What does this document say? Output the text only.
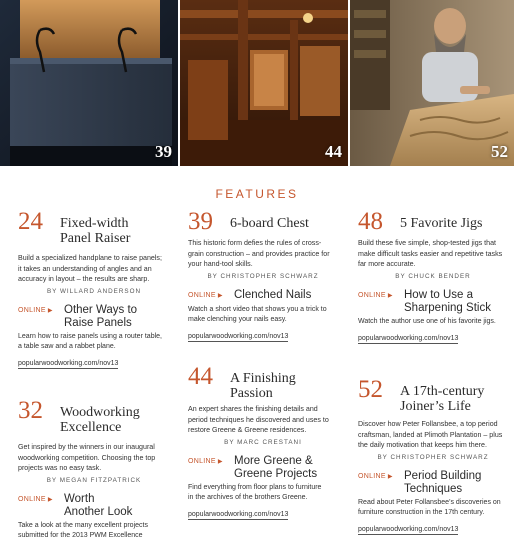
39	44	52
FEATURES
24 Fixed-width
Panel Raiser
Build a specialized handplane to raise panels;
it takes an understanding of angles and an
accuracy in layout – the results are sharp.
BY WILLARD ANDERSON
ONLINE ▶ Other Ways to
Raise Panels
Learn how to raise panels using a router table,
a table saw and a rabbet plane.
popularwoodworking.com/nov13
32 Woodworking
Excellence
Get inspired by the winners in our inaugural
woodworking competition. Choosing the top
projects was no easy task.
BY MEGAN FITZPATRICK
ONLINE ▶ Worth
Another Look
Take a look at the many excellent projects
submitted for the 2013 PWM Excellence
39 6-board Chest
This historic form defies the rules of cross-
grain construction – and provides practice for
your hand-tool skills.
BY CHRISTOPHER SCHWARZ
ONLINE ▶ Clenched Nails
Watch a short video that shows you a trick to
make clenching your nails easy.
popularwoodworking.com/nov13
44 A Finishing
Passion
An expert shares the finishing details and
period techniques he discovered and uses to
restore Greene & Greene residences.
BY MARC CRESTANI
ONLINE ▶ More Greene &
Greene Projects
Find everything from floor plans to furniture
in the archives of the brothers Greene.
popularwoodworking.com/nov13
48 5 Favorite Jigs
Build these five simple, shop-tested jigs that
make difficult tasks easier and repetitive tasks
far more accurate.
BY CHUCK BENDER
ONLINE ▶ How to Use a
Sharpening Stick
Watch the author use one of his favorite jigs.
popularwoodworking.com/nov13
52 A 17th-century
Joiner’s Life
Discover how Peter Follansbee, a top period
craftsman, landed at Plimoth Plantation – plus
the daily motivation that keeps him there.
BY CHRISTOPHER SCHWARZ
ONLINE ▶ Period Building
Techniques
Read about Peter Follansbee’s discoveries on
furniture construction in the 17th century.
popularwoodworking.com/nov13
